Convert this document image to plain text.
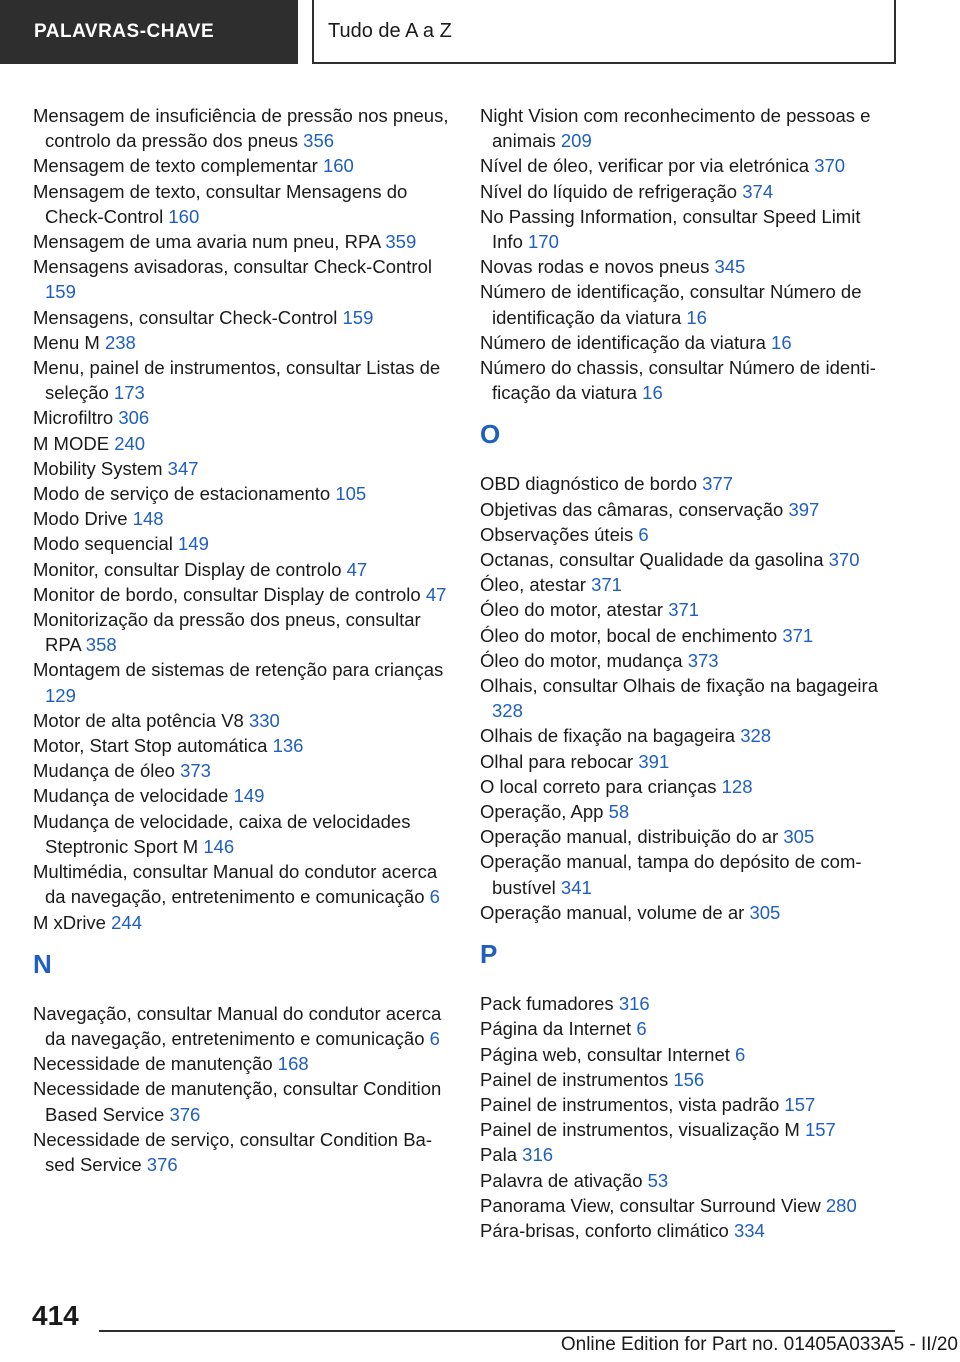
PALAVRAS-CHAVE	Tudo de A a Z
Mensagem de insuficiência de pressão nos pneus, controlo da pressão dos pneus 356
Mensagem de texto complementar 160
Mensagem de texto, consultar Mensagens do Check-Control 160
Mensagem de uma avaria num pneu, RPA 359
Mensagens avisadoras, consultar Check-Control 159
Mensagens, consultar Check-Control 159
Menu M 238
Menu, painel de instrumentos, consultar Listas de seleção 173
Microfiltro 306
M MODE 240
Mobility System 347
Modo de serviço de estacionamento 105
Modo Drive 148
Modo sequencial 149
Monitor, consultar Display de controlo 47
Monitor de bordo, consultar Display de controlo 47
Monitorização da pressão dos pneus, consultar RPA 358
Montagem de sistemas de retenção para crianças 129
Motor de alta potência V8 330
Motor, Start Stop automática 136
Mudança de óleo 373
Mudança de velocidade 149
Mudança de velocidade, caixa de velocidades Steptronic Sport M 146
Multimédia, consultar Manual do condutor acerca da navegação, entretenimento e comunicação 6
M xDrive 244
N
Navegação, consultar Manual do condutor acerca da navegação, entretenimento e comunicação 6
Necessidade de manutenção 168
Necessidade de manutenção, consultar Condition Based Service 376
Necessidade de serviço, consultar Condition Based Service 376
Night Vision com reconhecimento de pessoas e animais 209
Nível de óleo, verificar por via eletrónica 370
Nível do líquido de refrigeração 374
No Passing Information, consultar Speed Limit Info 170
Novas rodas e novos pneus 345
Número de identificação, consultar Número de identificação da viatura 16
Número de identificação da viatura 16
Número do chassis, consultar Número de identificação da viatura 16
O
OBD diagnóstico de bordo 377
Objetivas das câmaras, conservação 397
Observações úteis 6
Octanas, consultar Qualidade da gasolina 370
Óleo, atestar 371
Óleo do motor, atestar 371
Óleo do motor, bocal de enchimento 371
Óleo do motor, mudança 373
Olhais, consultar Olhais de fixação na bagageira 328
Olhais de fixação na bagageira 328
Olhal para rebocar 391
O local correto para crianças 128
Operação, App 58
Operação manual, distribuição do ar 305
Operação manual, tampa do depósito de combustível 341
Operação manual, volume de ar 305
P
Pack fumadores 316
Página da Internet 6
Página web, consultar Internet 6
Painel de instrumentos 156
Painel de instrumentos, vista padrão 157
Painel de instrumentos, visualização M 157
Pala 316
Palavra de ativação 53
Panorama View, consultar Surround View 280
Pára-brisas, conforto climático 334
414
Online Edition for Part no. 01405A033A5 - II/20
